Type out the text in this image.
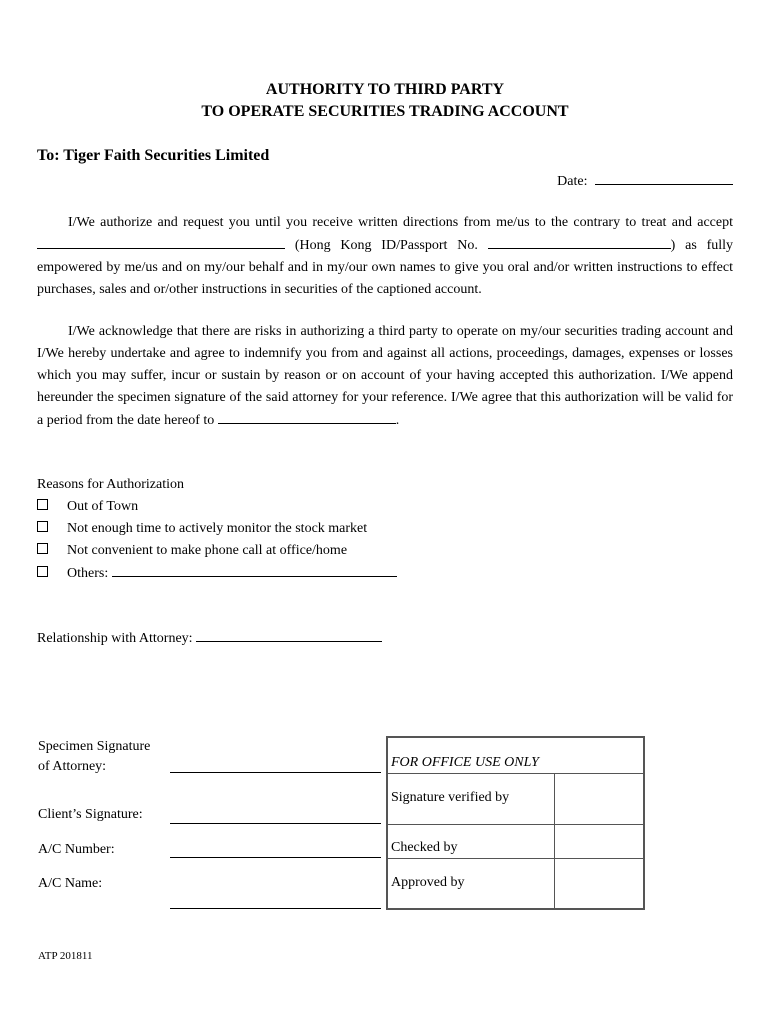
AUTHORITY TO THIRD PARTY
TO OPERATE SECURITIES TRADING ACCOUNT
To: Tiger Faith Securities Limited
Date:
I/We authorize and request you until you receive written directions from me/us to the contrary to treat and accept  (Hong Kong ID/Passport No.	) as fully empowered by me/us and on my/our behalf and in my/our own names to give you oral and/or written instructions to effect purchases, sales and or/other instructions in securities of the captioned account.
I/We acknowledge that there are risks in authorizing a third party to operate on my/our securities trading account and I/We hereby undertake and agree to indemnify you from and against all actions, proceedings, damages, expenses or losses which you may suffer, incur or sustain by reason or on account of your having accepted this authorization. I/We append hereunder the specimen signature of the said attorney for your reference. I/We agree that this authorization will be valid for a period from the date hereof to	.
Reasons for Authorization
Out of Town
Not enough time to actively monitor the stock market
Not convenient to make phone call at office/home
Others:
Relationship with Attorney:
Specimen Signature
of Attorney:
Client’s Signature:
A/C Number:
A/C Name:
FOR OFFICE USE ONLY	
Signature verified by	
Checked by	
Approved by	
ATP 201811
